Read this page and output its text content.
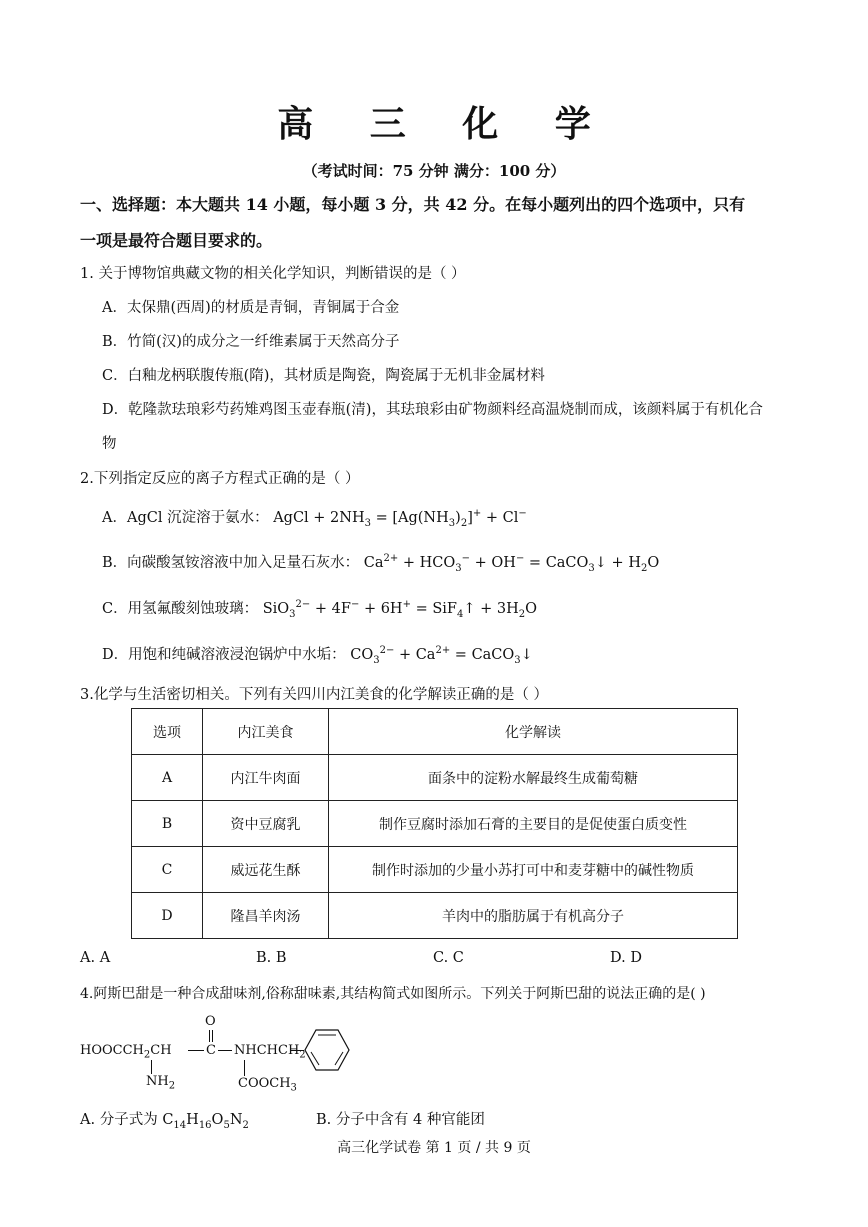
高 三 化 学
（考试时间：75 分钟 满分：100 分）
一、选择题：本大题共 14 小题，每小题 3 分，共 42 分。在每小题列出的四个选项中，只有
一项是最符合题目要求的。
1. 关于博物馆典藏文物的相关化学知识，判断错误的是（ ）
A．太保鼎(西周)的材质是青铜，青铜属于合金
B．竹简(汉)的成分之一纤维素属于天然高分子
C．白釉龙柄联腹传瓶(隋)，其材质是陶瓷，陶瓷属于无机非金属材料
D．乾隆款珐琅彩芍药雉鸡图玉壶春瓶(清)，其珐琅彩由矿物颜料经高温烧制而成，该颜料属于有机化合
物
2.下列指定反应的离子方程式正确的是（ ）
A．AgCl 沉淀溶于氨水： AgCl + $2NH_3 = [Ag(NH_3)_2]^+ + Cl^-$
B．向碳酸氢铵溶液中加入足量石灰水： $Ca^{2+} + HCO_3^- + OH^-$ = CaCO$_3$↓ + $H_2O$
C．用氢氟酸刻蚀玻璃： SiO$_3^{2-}$ + 4F− + 6H+ = SiF$_4$↑ + $3H_2O$
D．用饱和纯碱溶液浸泡锅炉中水垢： $CO_3^{2-} + Ca^{2+}$ = CaCO$_3$↓
3.化学与生活密切相关。下列有关四川内江美食的化学解读正确的是（ ）
选项	内江美食	化学解读
A	内江牛肉面	面条中的淀粉水解最终生成葡萄糖
B	资中豆腐乳	制作豆腐时添加石膏的主要目的是促使蛋白质变性
C	威远花生酥	制作时添加的少量小苏打可中和麦芽糖中的碱性物质
D	隆昌羊肉汤	羊肉中的脂肪属于有机高分子
A. A	B. B	C. C	D. D
4.阿斯巴甜是一种合成甜味剂,俗称甜味素,其结构简式如图所示。下列关于阿斯巴甜的说法正确的是( )
$HOOCCH_2CH$	C
O
$NHCHCH_2$
$NH_2$	$COOCH_3$
A. 分子式为 $C_{14}H_{16}O_5N_2$	B. 分子中含有 4 种官能团
高三化学试卷 第 1 页 / 共 9 页
